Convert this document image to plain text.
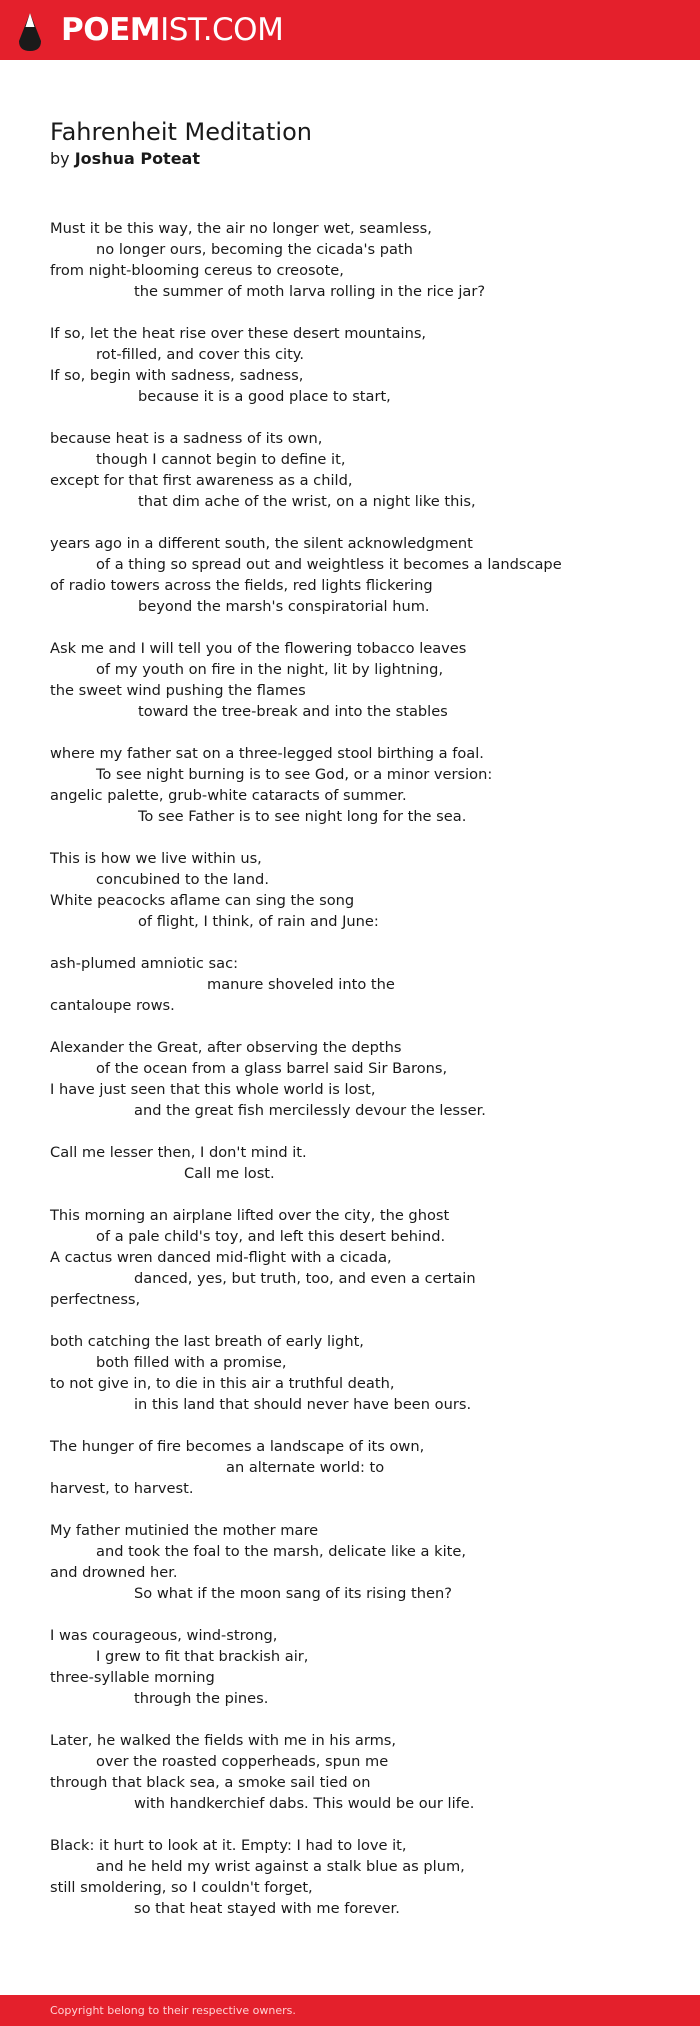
POEMIST.COM
Fahrenheit Meditation
by Joshua Poteat
Must it be this way, the air no longer wet, seamless,
no longer ours, becoming the cicada's path
from night-blooming cereus to creosote,
the summer of moth larva rolling in the rice jar?
If so, let the heat rise over these desert mountains,
rot-filled, and cover this city.
If so, begin with sadness, sadness,
because it is a good place to start,
because heat is a sadness of its own,
though I cannot begin to define it,
except for that first awareness as a child,
that dim ache of the wrist, on a night like this,
years ago in a different south, the silent acknowledgment
of a thing so spread out and weightless it becomes a landscape
of radio towers across the fields, red lights flickering
beyond the marsh's conspiratorial hum.
Ask me and I will tell you of the flowering tobacco leaves
of my youth on fire in the night, lit by lightning,
the sweet wind pushing the flames
toward the tree-break and into the stables
where my father sat on a three-legged stool birthing a foal.
To see night burning is to see God, or a minor version:
angelic palette, grub-white cataracts of summer.
To see Father is to see night long for the sea.
This is how we live within us,
concubined to the land.
White peacocks aflame can sing the song
of flight, I think, of rain and June:
ash-plumed amniotic sac:
manure shoveled into the
cantaloupe rows.
Alexander the Great, after observing the depths
of the ocean from a glass barrel said Sir Barons,
I have just seen that this whole world is lost,
and the great fish mercilessly devour the lesser.
Call me lesser then, I don't mind it.
Call me lost.
This morning an airplane lifted over the city, the ghost
of a pale child's toy, and left this desert behind.
A cactus wren danced mid-flight with a cicada,
danced, yes, but truth, too, and even a certain
perfectness,
both catching the last breath of early light,
both filled with a promise,
to not give in, to die in this air a truthful death,
in this land that should never have been ours.
The hunger of fire becomes a landscape of its own,
an alternate world: to
harvest, to harvest.
My father mutinied the mother mare
and took the foal to the marsh, delicate like a kite,
and drowned her.
So what if the moon sang of its rising then?
I was courageous, wind-strong,
I grew to fit that brackish air,
three-syllable morning
through the pines.
Later, he walked the fields with me in his arms,
over the roasted copperheads, spun me
through that black sea, a smoke sail tied on
with handkerchief dabs. This would be our life.
Black: it hurt to look at it. Empty: I had to love it,
and he held my wrist against a stalk blue as plum,
still smoldering, so I couldn't forget,
so that heat stayed with me forever.
Copyright belong to their respective owners.
